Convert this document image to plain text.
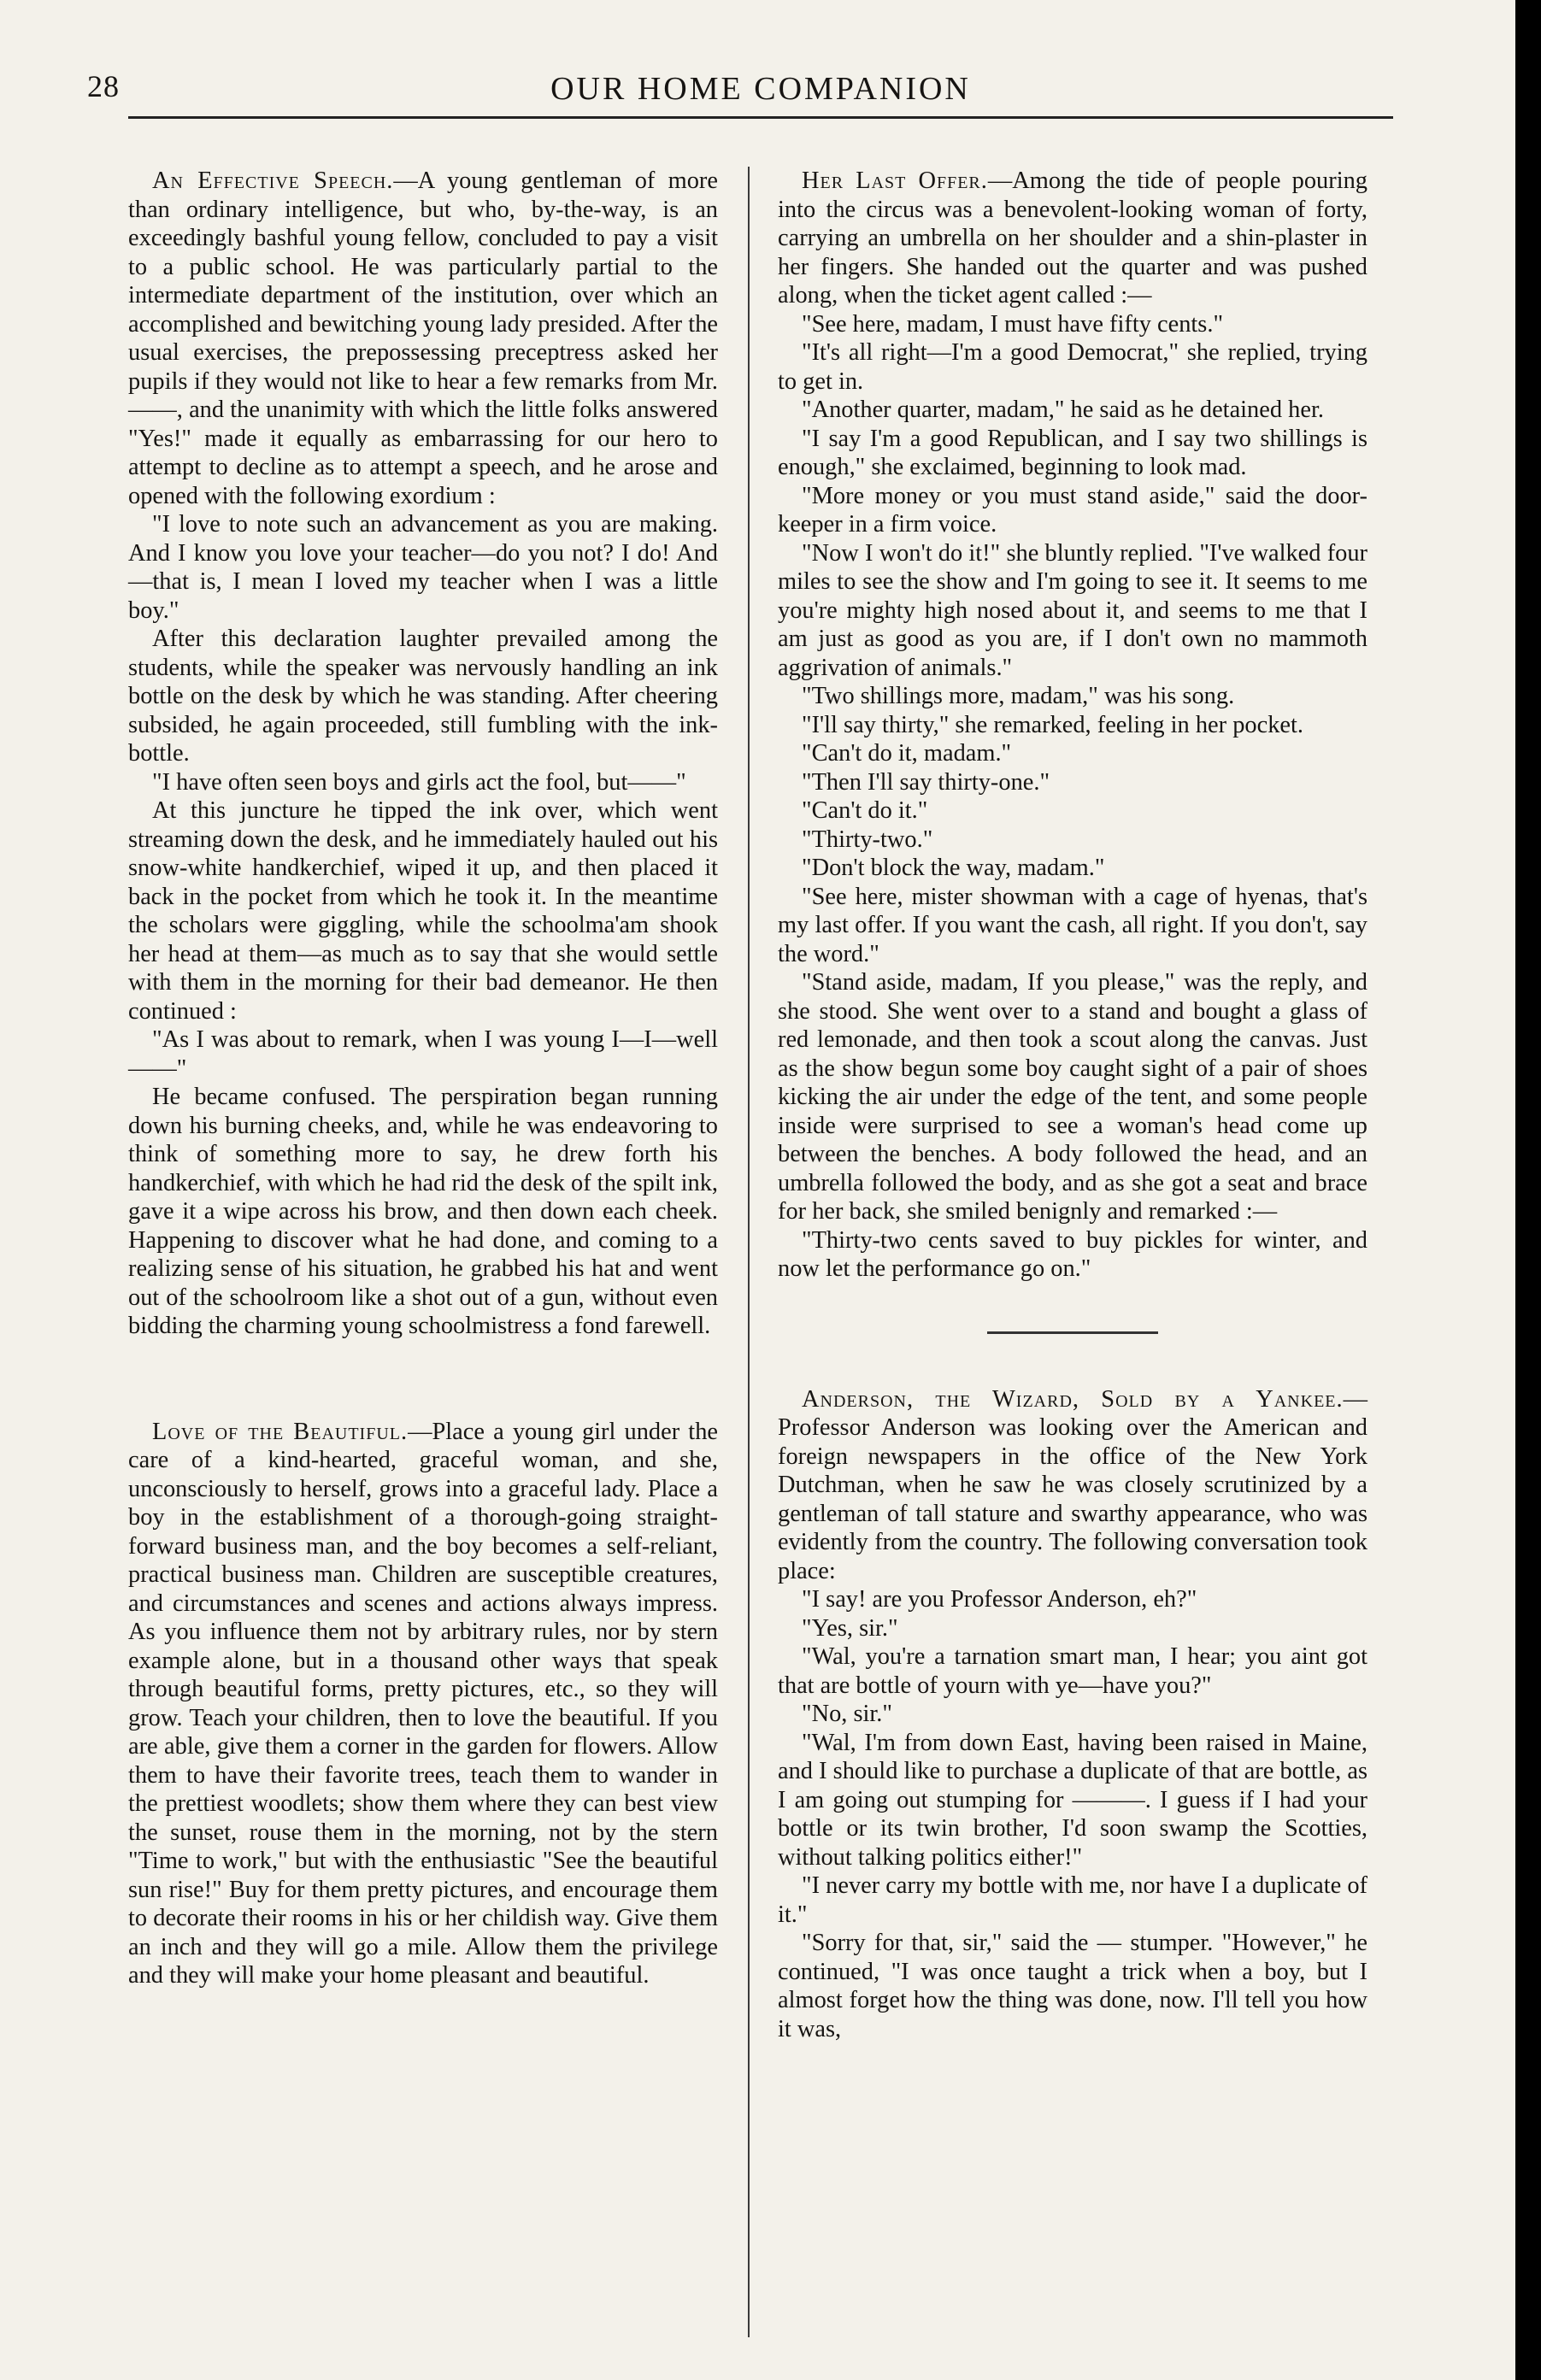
28	OUR HOME COMPANION

An Effective Speech.—A young gentleman of more than ordinary intelligence, but who, by-the-way, is an exceedingly bashful young fellow, concluded to pay a visit to a public school. He was particularly partial to the intermediate department of the institution, over which an accomplished and bewitching young lady presided. After the usual exercises, the prepossessing preceptress asked her pupils if they would not like to hear a few remarks from Mr.——, and the unanimity with which the little folks answered "Yes!" made it equally as embarrassing for our hero to attempt to decline as to attempt a speech, and he arose and opened with the following exordium :

"I love to note such an advancement as you are making. And I know you love your teacher—do you not? I do! And—that is, I mean I loved my teacher when I was a little boy."

After this declaration laughter prevailed among the students, while the speaker was nervously handling an ink bottle on the desk by which he was standing. After cheering subsided, he again proceeded, still fumbling with the ink-bottle.

"I have often seen boys and girls act the fool, but——"

At this juncture he tipped the ink over, which went streaming down the desk, and he immediately hauled out his snow-white handkerchief, wiped it up, and then placed it back in the pocket from which he took it. In the meantime the scholars were giggling, while the schoolma'am shook her head at them—as much as to say that she would settle with them in the morning for their bad demeanor. He then continued :

"As I was about to remark, when I was young I—I—well——"

He became confused. The perspiration began running down his burning cheeks, and, while he was endeavoring to think of something more to say, he drew forth his handkerchief, with which he had rid the desk of the spilt ink, gave it a wipe across his brow, and then down each cheek. Happening to discover what he had done, and coming to a realizing sense of his situation, he grabbed his hat and went out of the schoolroom like a shot out of a gun, without even bidding the charming young schoolmistress a fond farewell.

Love of the Beautiful.—Place a young girl under the care of a kind-hearted, graceful woman, and she, unconsciously to herself, grows into a graceful lady. Place a boy in the establishment of a thorough-going straight-forward business man, and the boy becomes a self-reliant, practical business man. Children are susceptible creatures, and circumstances and scenes and actions always impress. As you influence them not by arbitrary rules, nor by stern example alone, but in a thousand other ways that speak through beautiful forms, pretty pictures, etc., so they will grow. Teach your children, then to love the beautiful. If you are able, give them a corner in the garden for flowers. Allow them to have their favorite trees, teach them to wander in the prettiest woodlets; show them where they can best view the sunset, rouse them in the morning, not by the stern "Time to work," but with the enthusiastic "See the beautiful sun rise!" Buy for them pretty pictures, and encourage them to decorate their rooms in his or her childish way. Give them an inch and they will go a mile. Allow them the privilege and they will make your home pleasant and beautiful.

Her Last Offer.—Among the tide of people pouring into the circus was a benevolent-looking woman of forty, carrying an umbrella on her shoulder and a shin-plaster in her fingers. She handed out the quarter and was pushed along, when the ticket agent called :—

"See here, madam, I must have fifty cents."

"It's all right—I'm a good Democrat," she replied, trying to get in.

"Another quarter, madam," he said as he detained her.

"I say I'm a good Republican, and I say two shillings is enough," she exclaimed, beginning to look mad.

"More money or you must stand aside," said the door-keeper in a firm voice.

"Now I won't do it!" she bluntly replied. "I've walked four miles to see the show and I'm going to see it. It seems to me you're mighty high nosed about it, and seems to me that I am just as good as you are, if I don't own no mammoth aggrivation of animals."

"Two shillings more, madam," was his song.

"I'll say thirty," she remarked, feeling in her pocket.

"Can't do it, madam."

"Then I'll say thirty-one."

"Can't do it."

"Thirty-two."

"Don't block the way, madam."

"See here, mister showman with a cage of hyenas, that's my last offer. If you want the cash, all right. If you don't, say the word."

"Stand aside, madam, If you please," was the reply, and she stood. She went over to a stand and bought a glass of red lemonade, and then took a scout along the canvas. Just as the show begun some boy caught sight of a pair of shoes kicking the air under the edge of the tent, and some people inside were surprised to see a woman's head come up between the benches. A body followed the head, and an umbrella followed the body, and as she got a seat and brace for her back, she smiled benignly and remarked :—

"Thirty-two cents saved to buy pickles for winter, and now let the performance go on."

Anderson, the Wizard, Sold by a Yankee.—Professor Anderson was looking over the American and foreign newspapers in the office of the New York Dutchman, when he saw he was closely scrutinized by a gentleman of tall stature and swarthy appearance, who was evidently from the country. The following conversation took place:

"I say! are you Professor Anderson, eh?"

"Yes, sir."

"Wal, you're a tarnation smart man, I hear; you aint got that are bottle of yourn with ye—have you?"

"No, sir."

"Wal, I'm from down East, having been raised in Maine, and I should like to purchase a duplicate of that are bottle, as I am going out stumping for ———. I guess if I had your bottle or its twin brother, I'd soon swamp the Scotties, without talking politics either!"

"I never carry my bottle with me, nor have I a duplicate of it."

"Sorry for that, sir," said the — stumper. "However," he continued, "I was once taught a trick when a boy, but I almost forget how the thing was done, now. I'll tell you how it was,
